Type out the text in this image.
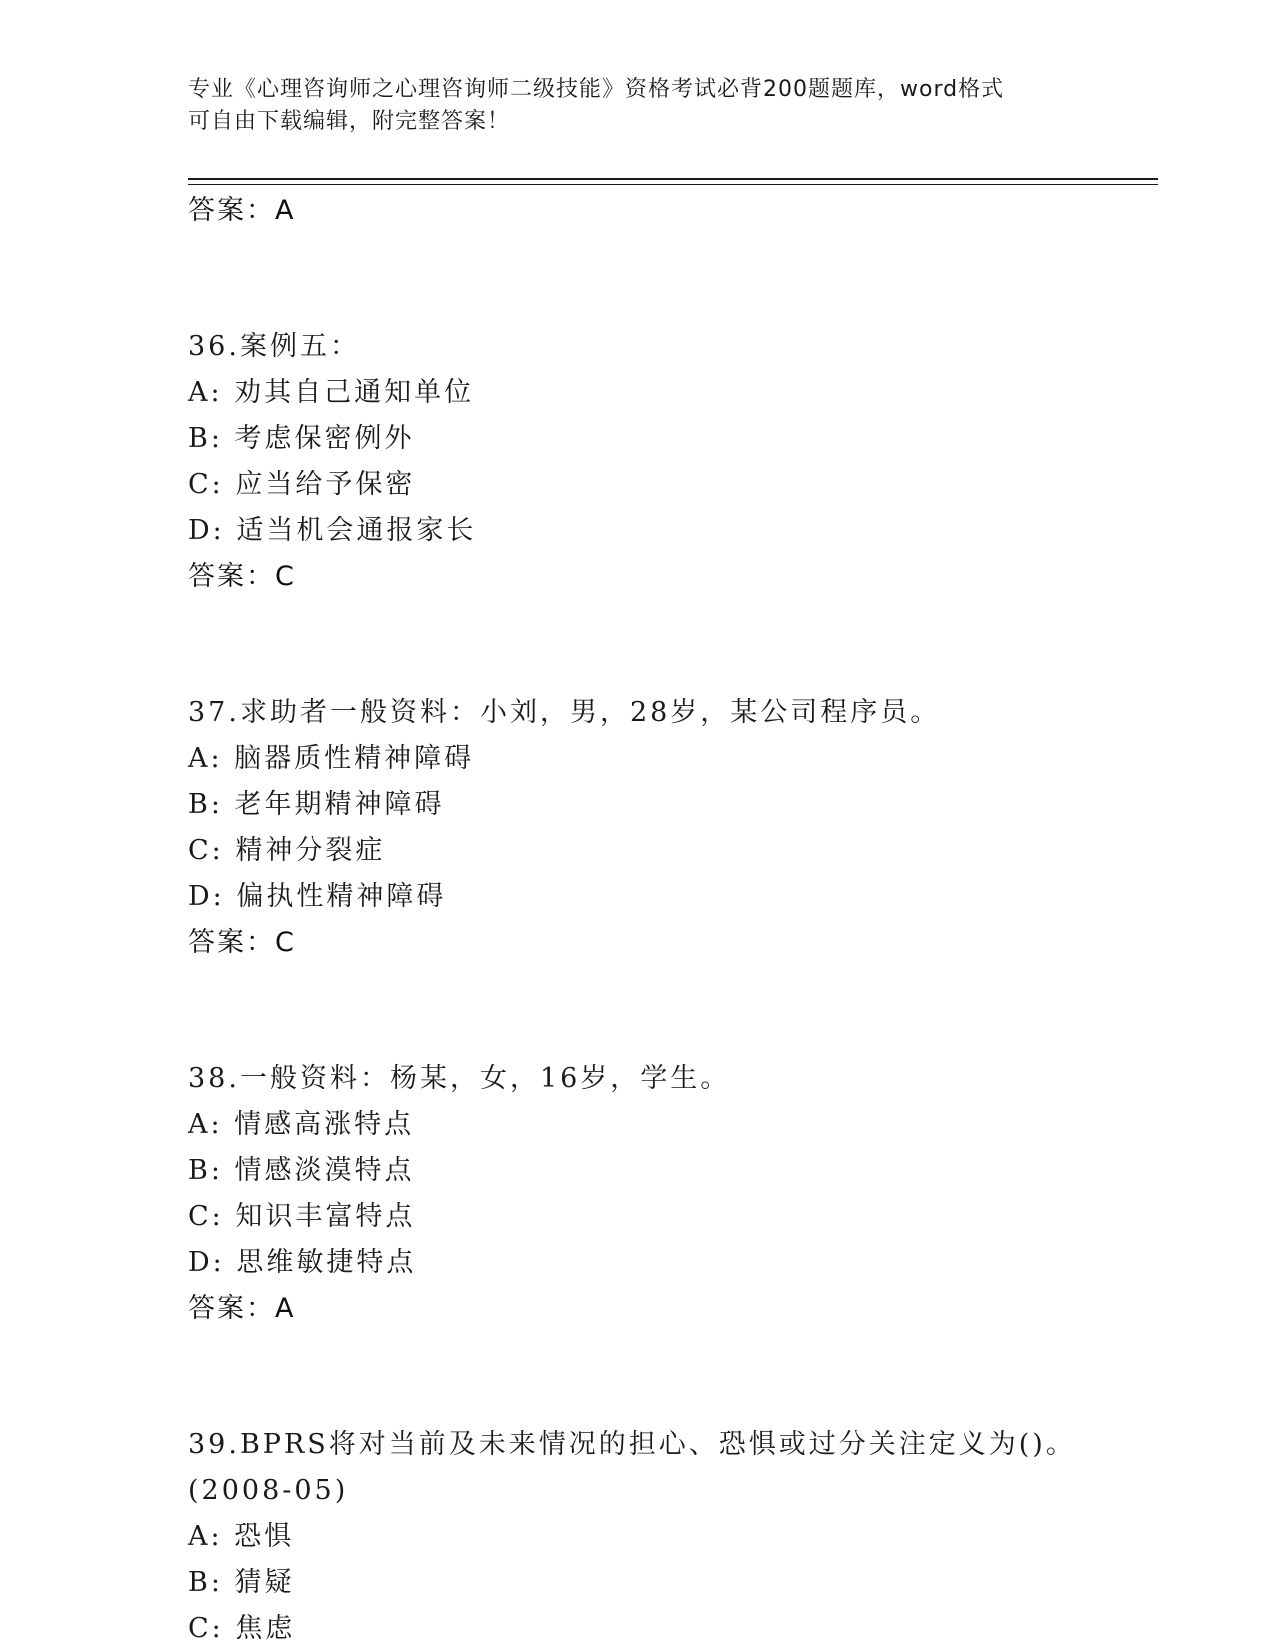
专业《心理咨询师之心理咨询师二级技能》资格考试必背200题题库，word格式
可自由下载编辑，附完整答案！
答案：A
36.案例五：
A: 劝其自己通知单位
B: 考虑保密例外
C: 应当给予保密
D: 适当机会通报家长
答案：C
37.求助者一般资料：小刘，男，28岁，某公司程序员。
A: 脑器质性精神障碍
B: 老年期精神障碍
C: 精神分裂症
D: 偏执性精神障碍
答案：C
38.一般资料：杨某，女，16岁，学生。
A: 情感高涨特点
B: 情感淡漠特点
C: 知识丰富特点
D: 思维敏捷特点
答案：A
39.BPRS将对当前及未来情况的担心、恐惧或过分关注定义为()。
(2008-05)
A: 恐惧
B: 猜疑
C: 焦虑
